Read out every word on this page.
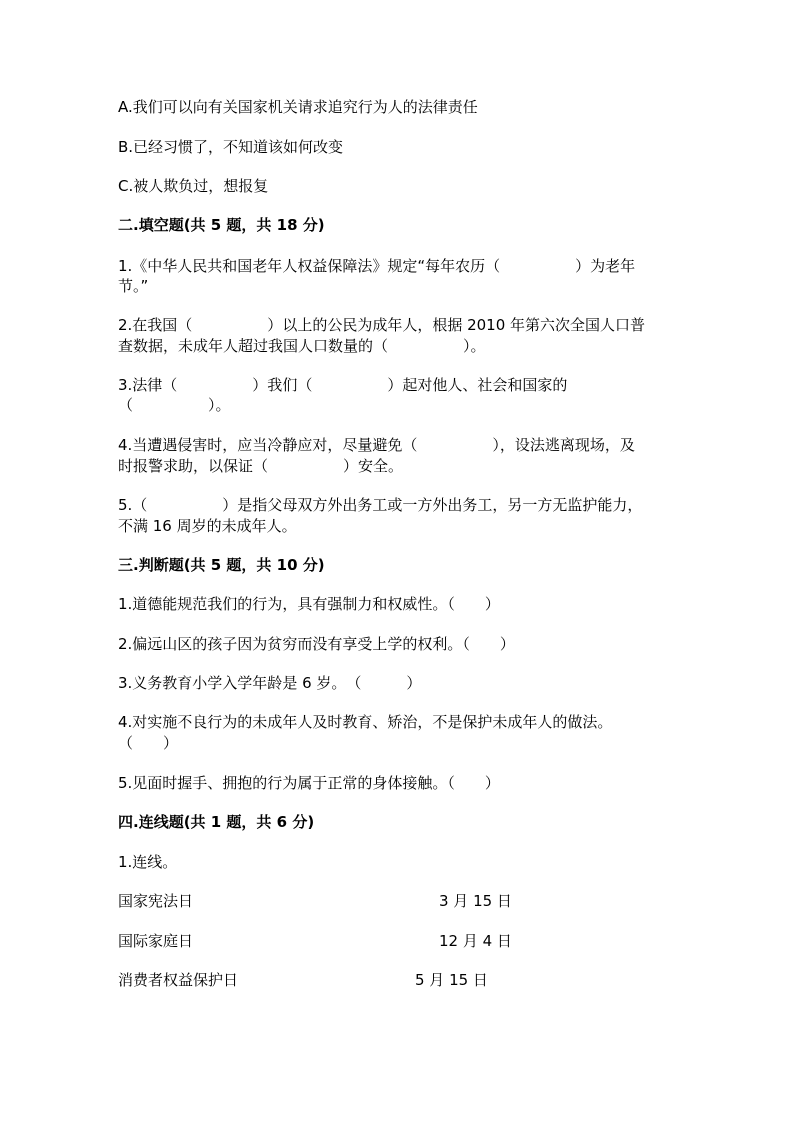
A.我们可以向有关国家机关请求追究行为人的法律责任
B.已经习惯了，不知道该如何改变
C.被人欺负过，想报复
二.填空题(共 5 题，共 18 分)
1.《中华人民共和国老年人权益保障法》规定“每年农历（　　　　　）为老年
节。”
2.在我国（　　　　　）以上的公民为成年人，根据 2010 年第六次全国人口普
查数据，未成年人超过我国人口数量的（　　　　　）。
3.法律（　　　　　）我们（　　　　　）起对他人、社会和国家的
（　　　　　）。
4.当遭遇侵害时，应当冷静应对，尽量避免（　　　　　），设法逃离现场，及
时报警求助，以保证（　　　　　）安全。
5.（　　　　　）是指父母双方外出务工或一方外出务工，另一方无监护能力，
不满 16 周岁的未成年人。
三.判断题(共 5 题，共 10 分)
1.道德能规范我们的行为，具有强制力和权威性。（　　）
2.偏远山区的孩子因为贫穷而没有享受上学的权利。（　　）
3.义务教育小学入学年龄是 6 岁。　（　　　）
4.对实施不良行为的未成年人及时教育、矫治，不是保护未成年人的做法。
（　　）
5.见面时握手、拥抱的行为属于正常的身体接触。（　　）
四.连线题(共 1 题，共 6 分)
1.连线。
国家宪法日
国际家庭日
消费者权益保护日
3 月 15 日
12 月 4 日
5 月 15 日
